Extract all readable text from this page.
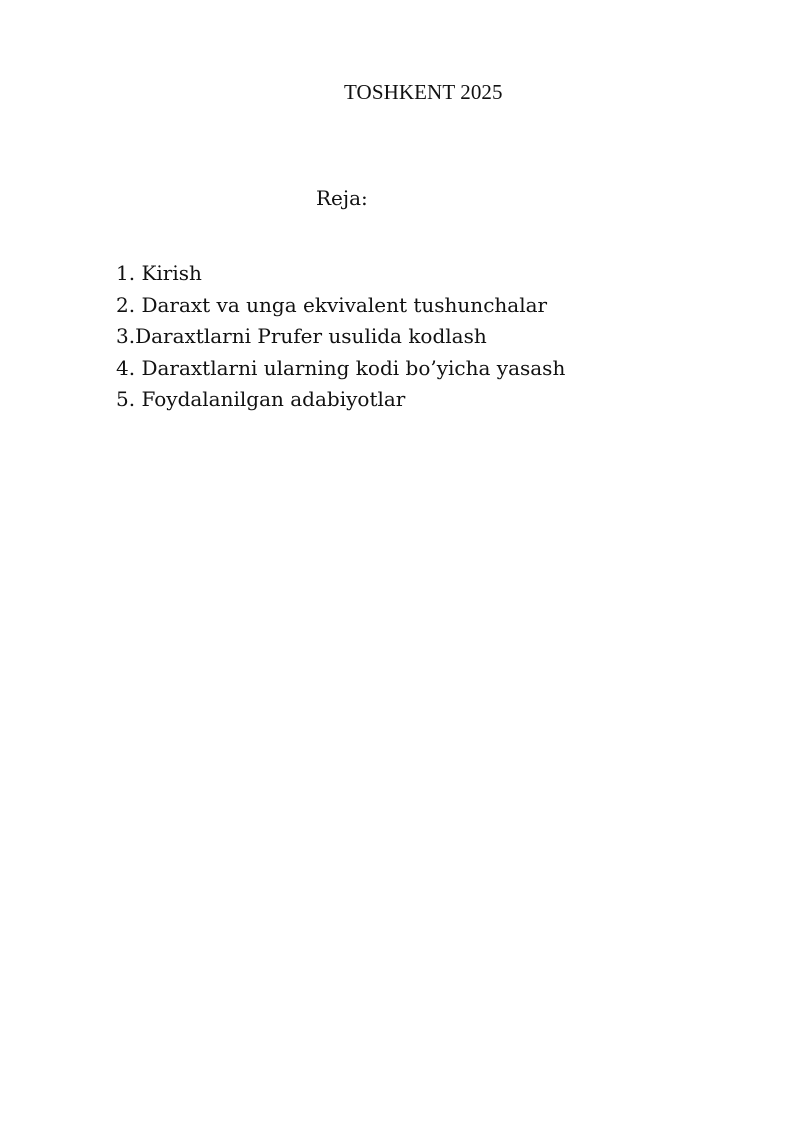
TOSHKENT 2025
Reja:
1. Kirish
2. Daraxt va unga ekvivalent tushunchalar
3.Daraxtlarni Prufer usulida kodlash
4. Daraxtlarni ularning kodi bo’yicha yasash
5. Foydalanilgan adabiyotlar
